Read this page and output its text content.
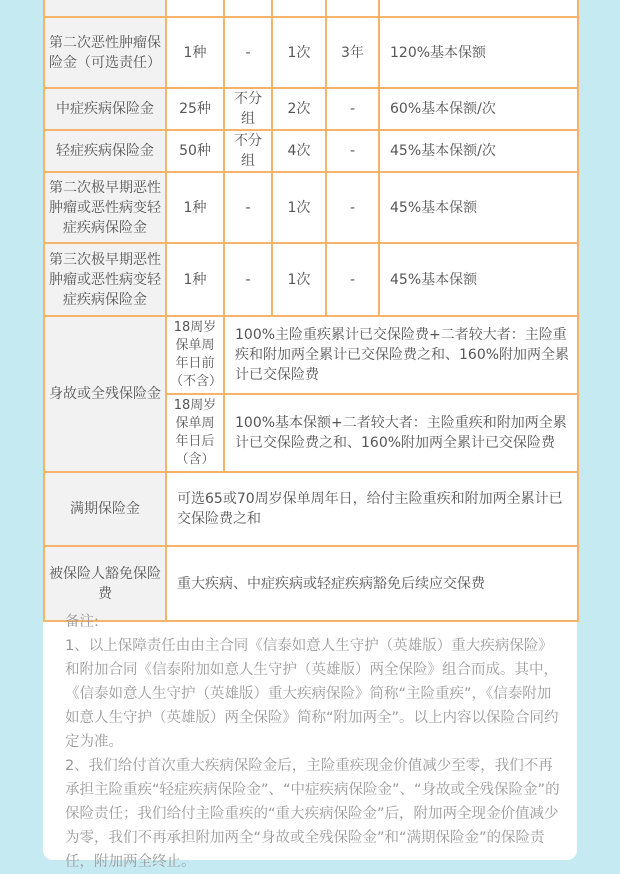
第二次恶性肿瘤保险金（可选责任）	1种	-	1次	3年	120%基本保额
中症疾病保险金	25种	不分组	2次	-	60%基本保额/次
轻症疾病保险金	50种	不分组	4次	-	45%基本保额/次
第二次极早期恶性肿瘤或恶性病变轻症疾病保险金	1种	-	1次	-	45%基本保额
第三次极早期恶性肿瘤或恶性病变轻症疾病保险金	1种	-	1次	-	45%基本保额
身故或全残保险金	18周岁保单周年日前（不含）	100%主险重疾累计已交保险费+二者较大者：主险重疾和附加两全累计已交保险费之和、160%附加两全累计已交保险费			
	18周岁保单周年日后（含）	100%基本保额+二者较大者：主险重疾和附加两全累计已交保险费之和、160%附加两全累计已交保险费			
满期保险金	可选65或70周岁保单周年日，给付主险重疾和附加两全累计已交保险费之和				
被保险人豁免保险费	重大疾病、中症疾病或轻症疾病豁免后续应交保费				

备注:

1、以上保障责任由由主合同《信泰如意人生守护（英雄版）重大疾病保险》和附加合同《信泰附加如意人生守护（英雄版）两全保险》组合而成。其中，《信泰如意人生守护（英雄版）重大疾病保险》简称“主险重疾”，《信泰附加如意人生守护（英雄版）两全保险》简称“附加两全”。以上内容以保险合同约定为准。

2、我们给付首次重大疾病保险金后，主险重疾现金价值减少至零，我们不再承担主险重疾“轻症疾病保险金”、“中症疾病保险金”、“身故或全残保险金”的保险责任；我们给付主险重疾的“重大疾病保险金”后，附加两全现金价值减少为零，我们不再承担附加两全“身故或全残保险金”和“满期保险金”的保险责任，附加两全终止。
